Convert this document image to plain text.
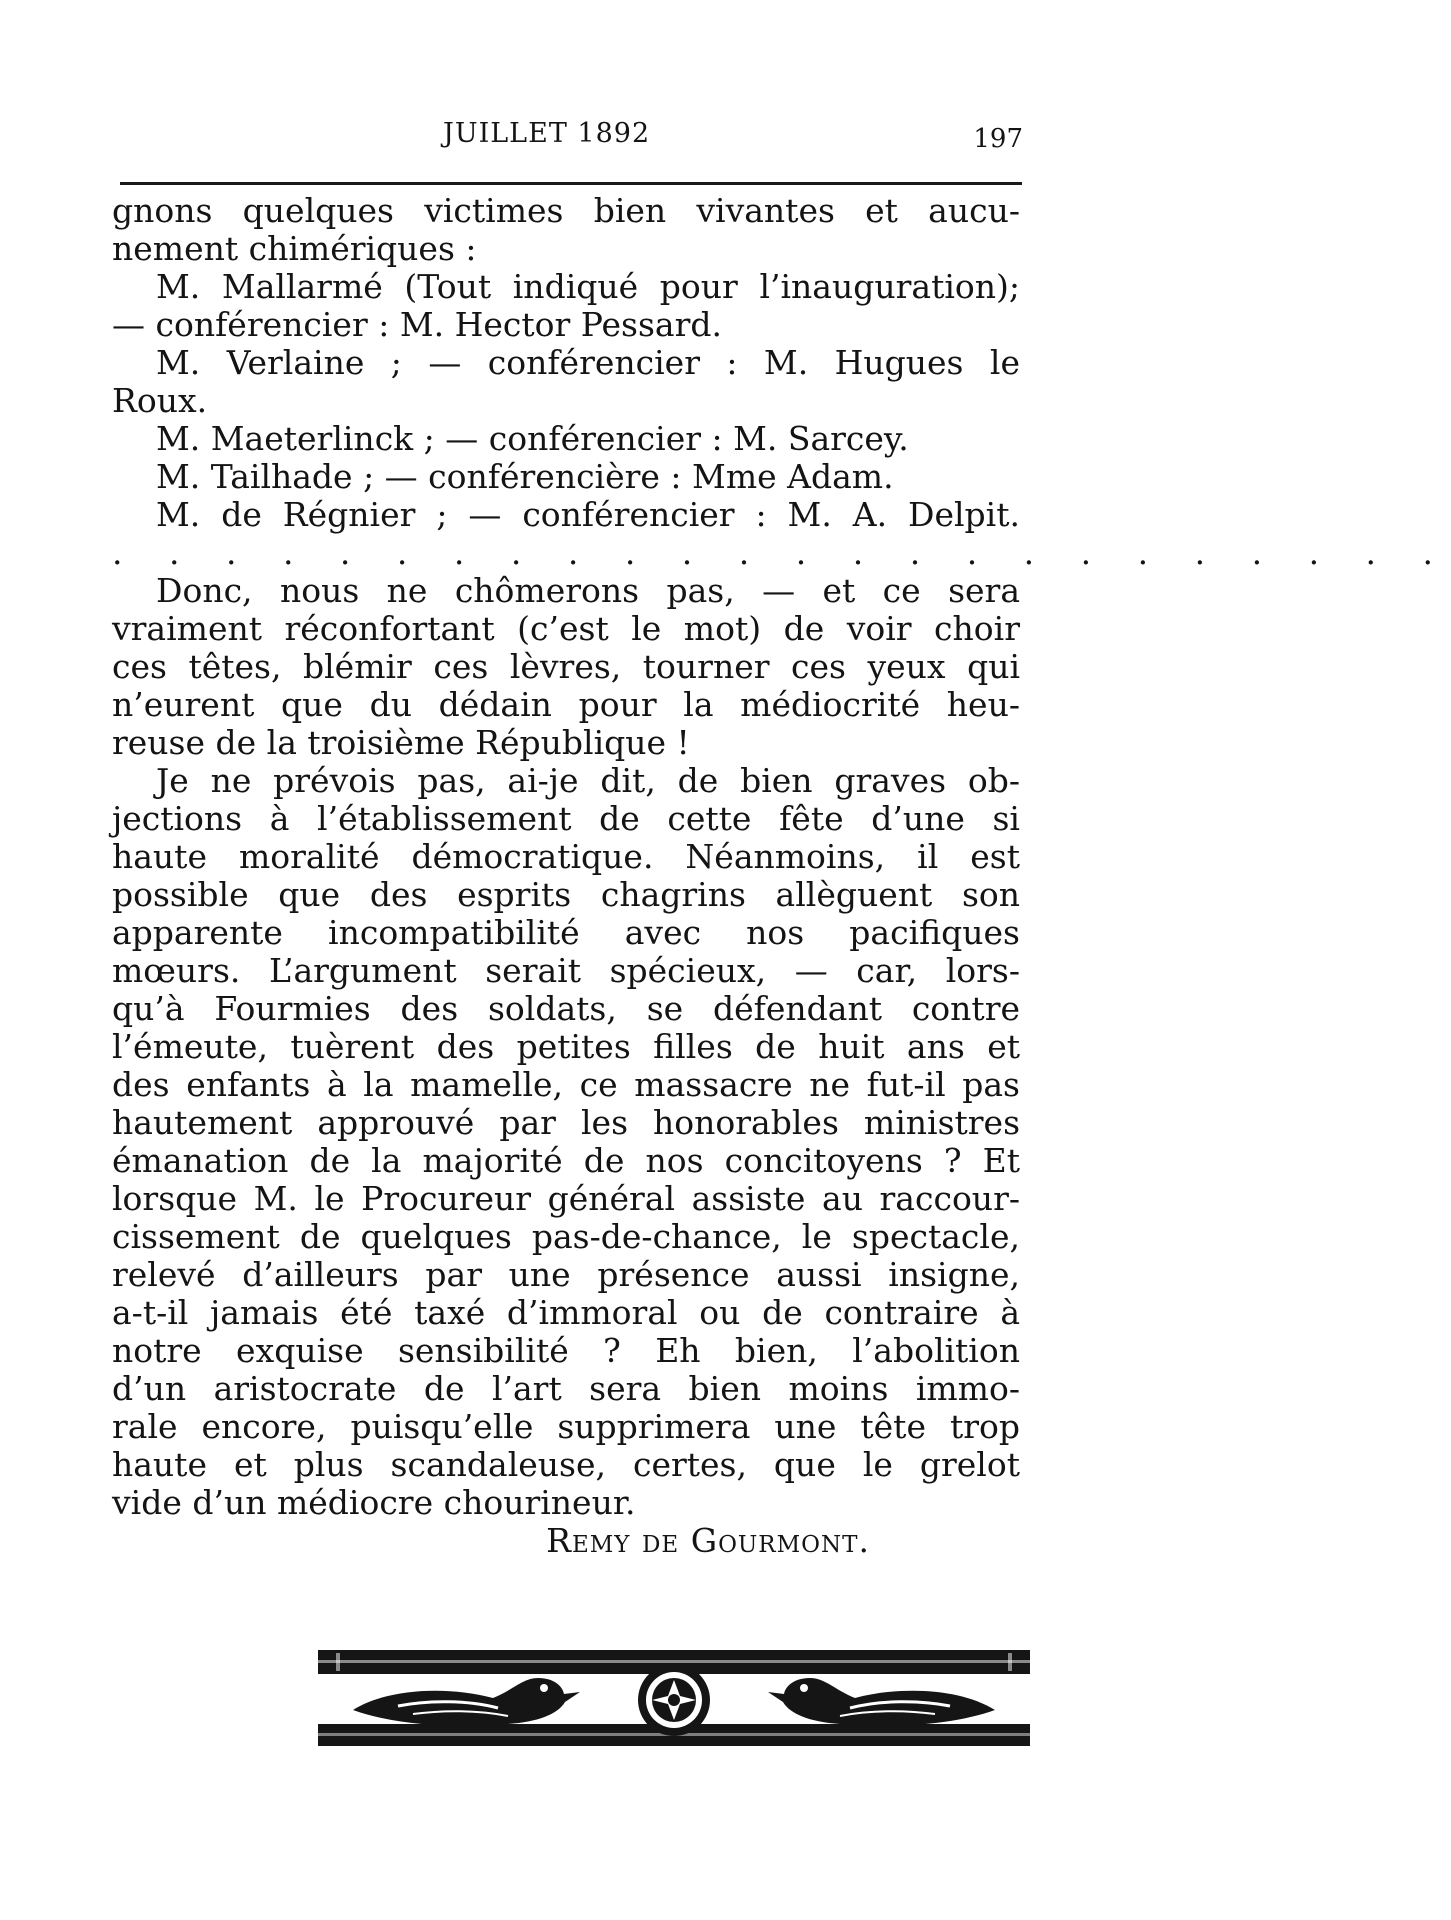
JUILLET 1892	197
gnons quelques victimes bien vivantes et aucu-
nement chimériques :
M. Mallarmé (Tout indiqué pour l’inauguration);
— conférencier : M. Hector Pessard.
M. Verlaine ; — conférencier : M. Hugues le
Roux.
M. Maeterlinck ; — conférencier : M. Sarcey.
M. Tailhade ; — conférencière : Mme Adam.
M. de Régnier ; — conférencier : M. A. Delpit.
. . . . . . . . . . . . . . . . . . . . . . . .
Donc, nous ne chômerons pas, — et ce sera
vraiment réconfortant (c’est le mot) de voir choir
ces têtes, blémir ces lèvres, tourner ces yeux qui
n’eurent que du dédain pour la médiocrité heu-
reuse de la troisième République !
Je ne prévois pas, ai-je dit, de bien graves ob-
jections à l’établissement de cette fête d’une si
haute moralité démocratique. Néanmoins, il est
possible que des esprits chagrins allèguent son
apparente incompatibilité avec nos pacifiques
mœurs. L’argument serait spécieux, — car, lors-
qu’à Fourmies des soldats, se défendant contre
l’émeute, tuèrent des petites filles de huit ans et
des enfants à la mamelle, ce massacre ne fut-il pas
hautement approuvé par les honorables ministres
émanation de la majorité de nos concitoyens ? Et
lorsque M. le Procureur général assiste au raccour-
cissement de quelques pas-de-chance, le spectacle,
relevé d’ailleurs par une présence aussi insigne,
a-t-il jamais été taxé d’immoral ou de contraire à
notre exquise sensibilité ? Eh bien, l’abolition
d’un aristocrate de l’art sera bien moins immo-
rale encore, puisqu’elle supprimera une tête trop
haute et plus scandaleuse, certes, que le grelot
vide d’un médiocre chourineur.
Remy de Gourmont.
